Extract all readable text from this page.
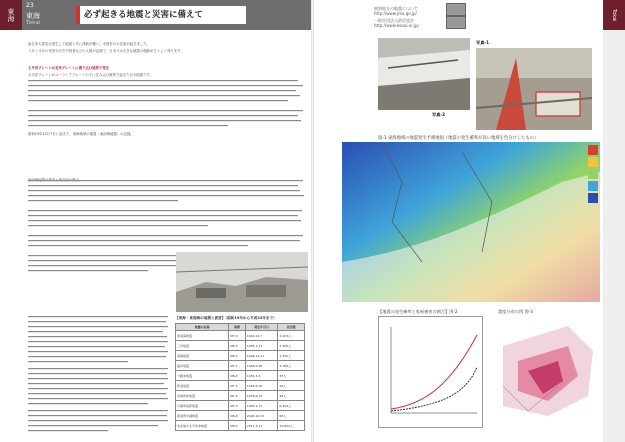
東海
23
東海
Tokai
必ず起きる地震と災害に備えて

東日本大震災が発生して地震と共に津波が襲い、未曾有の大災害が起きました。

３月と４月の死者や行方不明者などの人数が記録で、日本では大きな地震の傷跡が生々しく残ります。

太平洋プレートが北米プレートに潜り込む境界で発生

太平洋プレートがユーラシアプレートの下に沈み込む境界で起きた巨大地震です。

昭和19年12月7日に起きた、東海地域の地震（東南海地震）の記録。

【東海・東南海の地震と被害】（昭和19年から平成23年まで）
地震の名称	規模	発生年月日	死者数
東南海地震	M7.9	1944.12.7	1,223人
三河地震	M6.8	1945.1.13	2,306人
南海地震	M8.0	1946.12.21	1,330人
福井地震	M7.1	1948.6.28	3,769人
十勝沖地震	M8.2	1952.3.4	33人
新潟地震	M7.5	1964.6.16	26人
宮城県沖地震	M7.4	1978.6.12	28人
兵庫県南部地震	M7.3	1995.1.17	6,434人
新潟県中越地震	M6.8	2004.10.23	68人
東北地方太平洋沖地震	M9.0	2011.3.11	15,854人
東海地方の地震について
http://www.jma.go.jp/
一般社団法人防災協会
http://www.bosai.or.jp/
Tokai
写真-1
写真-2
図-1 東海地域の地震発生予測地図（地震の発生確率が高い地域を色分けしたもの）
【地震の発生確率と家屋被害の割合】図-2	震度分布の図 図-3
